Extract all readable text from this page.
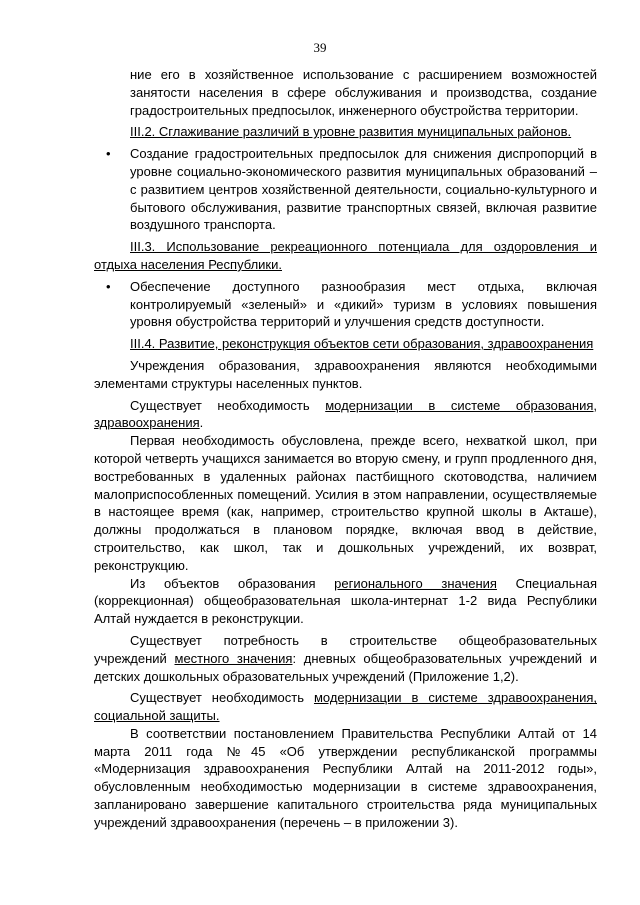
39

ние его в хозяйственное использование с расширением возможностей занятости населения в сфере обслуживания и производства, создание градостроительных предпосылок, инженерного обустройства территории.

III.2. Сглаживание различий в уровне развития муниципальных районов.

• Создание градостроительных предпосылок для снижения диспропорций в уровне социально-экономического развития муниципальных образований – с развитием центров хозяйственной деятельности, социально-культурного и бытового обслуживания, развитие транспортных связей, включая развитие воздушного транспорта.

III.3. Использование рекреационного потенциала для оздоровления и отдыха населения Республики.

• Обеспечение доступного разнообразия мест отдыха, включая контролируемый «зеленый» и «дикий» туризм в условиях повышения уровня обустройства территорий и улучшения средств доступности.

III.4. Развитие, реконструкция объектов сети образования, здравоохранения

Учреждения образования, здравоохранения являются необходимыми элементами структуры населенных пунктов.

Существует необходимость модернизации в системе образования, здравоохранения.

Первая необходимость обусловлена, прежде всего, нехваткой школ, при которой четверть учащихся занимается во вторую смену, и групп продленного дня, востребованных в удаленных районах пастбищного скотоводства, наличием малоприспособленных помещений. Усилия в этом направлении, осуществляемые в настоящее время (как, например, строительство крупной школы в Акташе), должны продолжаться в плановом порядке, включая ввод в действие, строительство, как школ, так и дошкольных учреждений, их возврат, реконструкцию.

Из объектов образования регионального значения Специальная (коррекционная) общеобразовательная школа-интернат 1-2 вида Республики Алтай нуждается в реконструкции.

Существует потребность в строительстве общеобразовательных учреждений местного значения: дневных общеобразовательных учреждений и детских дошкольных образовательных учреждений (Приложение 1,2).

Существует необходимость модернизации в системе здравоохранения, социальной защиты.

В соответствии постановлением Правительства Республики Алтай от 14 марта 2011 года №45 «Об утверждении республиканской программы «Модернизация здравоохранения Республики Алтай на 2011-2012 годы», обусловленным необходимостью модернизации в системе здравоохранения, запланировано завершение капитального строительства ряда муниципальных учреждений здравоохранения (перечень – в приложении 3).
